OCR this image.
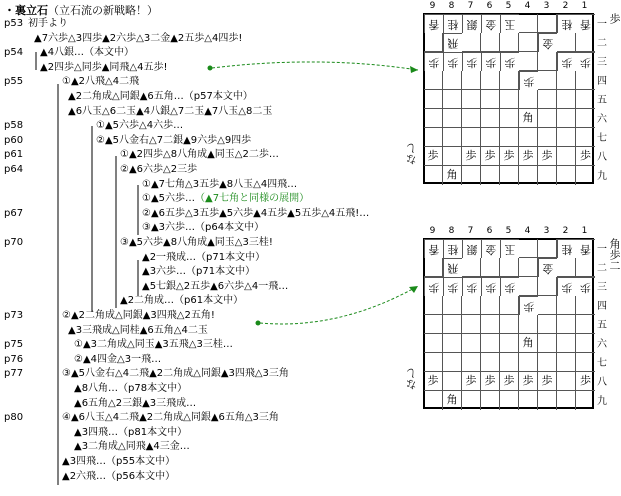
・裏立石（立石流の新戦略！）
p53 初手より
▲7六歩△3四歩▲2六歩△3二金▲2五歩△4四歩!
p54 ▲4八銀…（本文中）
▲2四歩△同歩▲同飛△4五歩!
p55	①▲2八飛△4二飛
▲2二角成△同銀▲6五角…（p57本文中）
▲6八玉△6二玉▲4八銀△7二玉▲7八玉△8二玉
p58	①▲5六歩△4六歩…
p60	②▲5八金右△7二銀▲9六歩△9四歩
p61	①▲2四歩△8八角成▲同玉△2二歩…
p64	②▲6六歩△2三歩
①▲7七角△3五歩▲8八玉△4四飛…
①▲5六歩…（▲7七角と同様の展開）
p67	②▲6五歩△3五歩▲5六歩▲4五歩▲5五歩△4五飛!…
③▲3六歩…（p64本文中）
p70	③▲5六歩▲8八角成▲同玉△3三桂!
▲2一飛成…（p71本文中）
▲3六歩…（p71本文中）
▲5七銀△2五歩▲6六歩△4一飛…
▲2二角成…（p61本文中）
p73	②▲2二角成△同銀▲3四飛△2五角!
▲3三飛成△同桂▲6五角△4二玉
p75	①▲3二角成△同玉▲3五飛△3三桂…
p76	②▲4四金△3一飛…
p77	③▲5八金右△4二飛▲2二角成△同銀▲3四飛△3三角
▲8八角…（p78本文中）
▲6五角△2三銀▲3三飛成…
p80	④▲6八玉△4二飛▲2二角成△同銀▲6五角△3三角
▲3四飛…（p81本文中）
▲3二角成△同飛▲4三金…
▲3四飛…（p55本文中）
▲2六飛…（p56本文中）
香 桂 銀 金 玉	桂 香
飛	金
歩 歩 歩 歩 歩	歩 歩
歩
角
歩	歩 歩 歩 歩 歩	歩
角
9	8	7	6	5	4	3	2	1
一
二
三
四
五
六
七
八
九
歩
なし
香 桂 銀 金 玉	桂 香
飛	金
歩 歩 歩 歩 歩	歩 歩
歩
角
歩	歩 歩 歩 歩 歩	歩
角
9	8	7	6	5	4	3	2	1
一
二
三
四
五
六
七
八
九
角歩二
なし
